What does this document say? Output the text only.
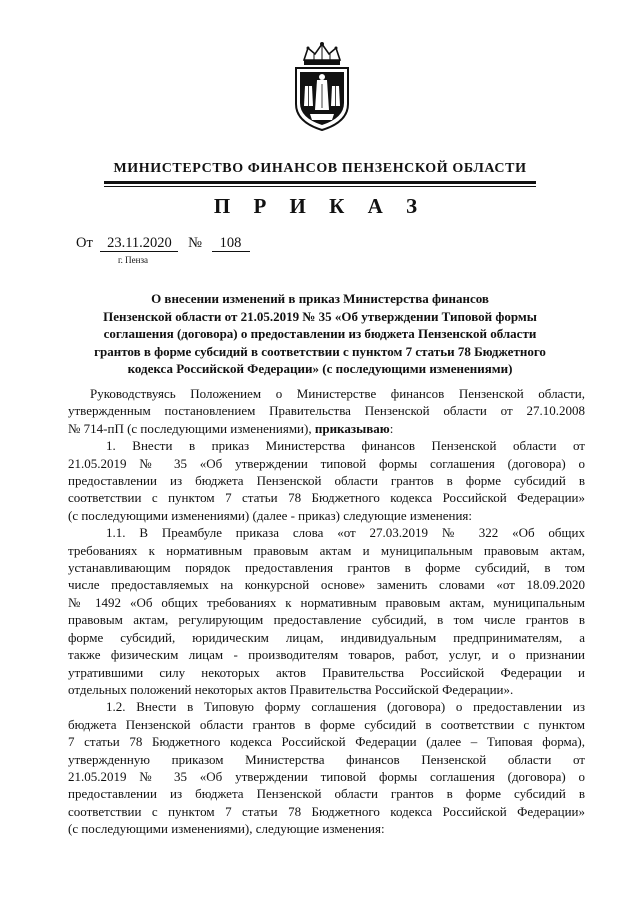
МИНИСТЕРСТВО ФИНАНСОВ ПЕНЗЕНСКОЙ ОБЛАСТИ
П Р И К А З
От 23.11.2020 № 108
г. Пенза
О внесении изменений в приказ Министерства финансов
Пензенской области от 21.05.2019 № 35 «Об утверждении Типовой формы
соглашения (договора) о предоставлении из бюджета Пензенской области
грантов в форме субсидий в соответствии с пунктом 7 статьи 78 Бюджетного
кодекса Российской Федерации» (с последующими изменениями)
Руководствуясь Положением о Министерстве финансов Пензенской области,
утвержденным постановлением Правительства Пензенской области от 27.10.2008
№ 714-пП (с последующими изменениями), приказываю:
1. Внести в приказ Министерства финансов Пензенской области от
21.05.2019 № 35 «Об утверждении типовой формы соглашения (договора) о
предоставлении из бюджета Пензенской области грантов в форме субсидий в
соответствии с пунктом 7 статьи 78 Бюджетного кодекса Российской Федерации»
(с последующими изменениями) (далее - приказ) следующие изменения:
1.1. В Преамбуле приказа слова «от 27.03.2019 № 322 «Об общих
требованиях к нормативным правовым актам и муниципальным правовым актам,
устанавливающим порядок предоставления грантов в форме субсидий, в том
числе предоставляемых на конкурсной основе» заменить словами «от 18.09.2020
№ 1492 «Об общих требованиях к нормативным правовым актам, муниципальным
правовым актам, регулирующим предоставление субсидий, в том числе грантов в
форме субсидий, юридическим лицам, индивидуальным предпринимателям, а
также физическим лицам - производителям товаров, работ, услуг, и о признании
утратившими силу некоторых актов Правительства Российской Федерации и
отдельных положений некоторых актов Правительства Российской Федерации».
1.2. Внести в Типовую форму соглашения (договора) о предоставлении из
бюджета Пензенской области грантов в форме субсидий в соответствии с пунктом
7 статьи 78 Бюджетного кодекса Российской Федерации (далее – Типовая форма),
утвержденную приказом Министерства финансов Пензенской области от
21.05.2019 № 35 «Об утверждении типовой формы соглашения (договора) о
предоставлении из бюджета Пензенской области грантов в форме субсидий в
соответствии с пунктом 7 статьи 78 Бюджетного кодекса Российской Федерации»
(с последующими изменениями), следующие изменения:
